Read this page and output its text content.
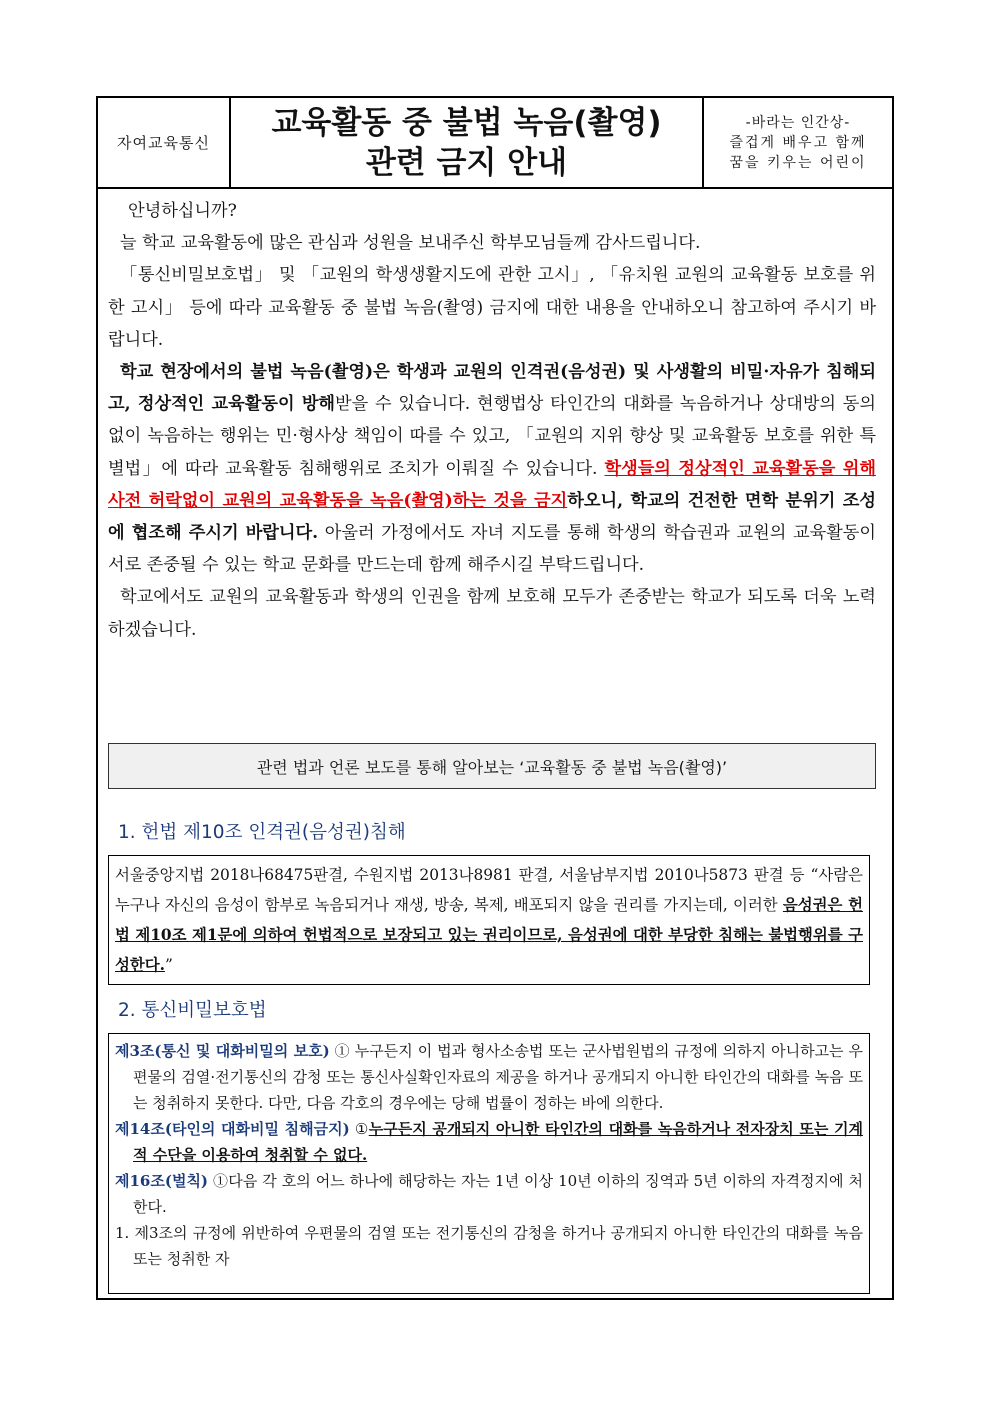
자여교육통신
교육활동 중 불법 녹음(촬영)
관련 금지 안내
-바라는 인간상-
즐겁게 배우고 함께
꿈을 키우는 어린이

안녕하십니까?

늘 학교 교육활동에 많은 관심과 성원을 보내주신 학부모님들께 감사드립니다.

「통신비밀보호법」 및 「교원의 학생생활지도에 관한 고시」, 「유치원 교원의 교육활동 보호를 위한 고시」 등에 따라 교육활동 중 불법 녹음(촬영) 금지에 대한 내용을 안내하오니 참고하여 주시기 바랍니다.

학교 현장에서의 불법 녹음(촬영)은 학생과 교원의 인격권(음성권) 및 사생활의 비밀·자유가 침해되고, 정상적인 교육활동이 방해받을 수 있습니다. 현행법상 타인간의 대화를 녹음하거나 상대방의 동의없이 녹음하는 행위는 민·형사상 책임이 따를 수 있고, 「교원의 지위 향상 및 교육활동 보호를 위한 특별법」에 따라 교육활동 침해행위로 조치가 이뤄질 수 있습니다. 학생들의 정상적인 교육활동을 위해 사전 허락없이 교원의 교육활동을 녹음(촬영)하는 것을 금지하오니, 학교의 건전한 면학 분위기 조성에 협조해 주시기 바랍니다. 아울러 가정에서도 자녀 지도를 통해 학생의 학습권과 교원의 교육활동이 서로 존중될 수 있는 학교 문화를 만드는데 함께 해주시길 부탁드립니다.

학교에서도 교원의 교육활동과 학생의 인권을 함께 보호해 모두가 존중받는 학교가 되도록 더욱 노력하겠습니다.

관련 법과 언론 보도를 통해 알아보는 ‘교육활동 중 불법 녹음(촬영)’
1. 헌법 제10조 인격권(음성권)침해
서울중앙지법 2018나68475판결, 수원지법 2013나8981 판결, 서울남부지법 2010나5873 판결 등 “사람은 누구나 자신의 음성이 함부로 녹음되거나 재생, 방송, 복제, 배포되지 않을 권리를 가지는데, 이러한 음성권은 헌법 제10조 제1문에 의하여 헌법적으로 보장되고 있는 권리이므로, 음성권에 대한 부당한 침해는 불법행위를 구성한다.”
2. 통신비밀보호법

제3조(통신 및 대화비밀의 보호) ① 누구든지 이 법과 형사소송법 또는 군사법원법의 규정에 의하지 아니하고는 우편물의 검열·전기통신의 감청 또는 통신사실확인자료의 제공을 하거나 공개되지 아니한 타인간의 대화를 녹음 또는 청취하지 못한다. 다만, 다음 각호의 경우에는 당해 법률이 정하는 바에 의한다.

제14조(타인의 대화비밀 침해금지) ①누구든지 공개되지 아니한 타인간의 대화를 녹음하거나 전자장치 또는 기계적 수단을 이용하여 청취할 수 없다.

제16조(벌칙) ①다음 각 호의 어느 하나에 해당하는 자는 1년 이상 10년 이하의 징역과 5년 이하의 자격정지에 처한다.

1. 제3조의 규정에 위반하여 우편물의 검열 또는 전기통신의 감청을 하거나 공개되지 아니한 타인간의 대화를 녹음 또는 청취한 자
